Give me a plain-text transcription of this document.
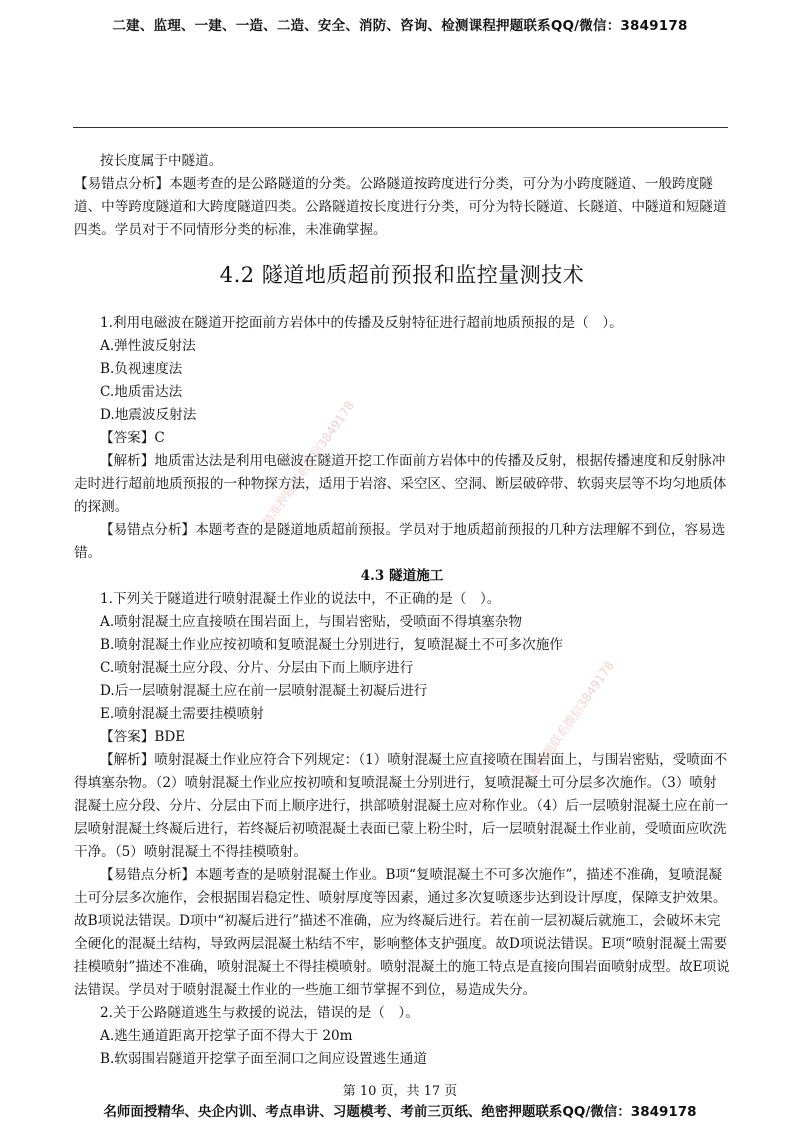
二建、监理、一建、一造、二造、安全、消防、咨询、检测课程押题联系QQ/微信：3849178
精准押题联系微信3849178
精准押题联系微信3849178

按长度属于中隧道。

【易错点分析】本题考查的是公路隧道的分类。公路隧道按跨度进行分类，可分为小跨度隧道、一般跨度隧道、中等跨度隧道和大跨度隧道四类。公路隧道按长度进行分类，可分为特长隧道、长隧道、中隧道和短隧道四类。学员对于不同情形分类的标准，未准确掌握。

4.2 隧道地质超前预报和监控量测技术

1.利用电磁波在隧道开挖面前方岩体中的传播及反射特征进行超前地质预报的是（　）。

A.弹性波反射法

B.负视速度法

C.地质雷达法

D.地震波反射法

【答案】C

【解析】地质雷达法是利用电磁波在隧道开挖工作面前方岩体中的传播及反射，根据传播速度和反射脉冲走时进行超前地质预报的一种物探方法，适用于岩溶、采空区、空洞、断层破碎带、软弱夹层等不均匀地质体的探测。

【易错点分析】本题考查的是隧道地质超前预报。学员对于地质超前预报的几种方法理解不到位，容易选错。

4.3 隧道施工

1.下列关于隧道进行喷射混凝土作业的说法中，不正确的是（　）。

A.喷射混凝土应直接喷在围岩面上，与围岩密贴，受喷面不得填塞杂物

B.喷射混凝土作业应按初喷和复喷混凝土分别进行，复喷混凝土不可多次施作

C.喷射混凝土应分段、分片、分层由下而上顺序进行

D.后一层喷射混凝土应在前一层喷射混凝土初凝后进行

E.喷射混凝土需要挂模喷射

【答案】BDE

【解析】喷射混凝土作业应符合下列规定：（1）喷射混凝土应直接喷在围岩面上，与围岩密贴，受喷面不得填塞杂物。（2）喷射混凝土作业应按初喷和复喷混凝土分别进行，复喷混凝土可分层多次施作。（3）喷射混凝土应分段、分片、分层由下而上顺序进行，拱部喷射混凝土应对称作业。（4）后一层喷射混凝土应在前一层喷射混凝土终凝后进行，若终凝后初喷混凝土表面已蒙上粉尘时，后一层喷射混凝土作业前，受喷面应吹洗干净。（5）喷射混凝土不得挂模喷射。

【易错点分析】本题考查的是喷射混凝土作业。B项“复喷混凝土不可多次施作”，描述不准确，复喷混凝土可分层多次施作，会根据围岩稳定性、喷射厚度等因素，通过多次复喷逐步达到设计厚度，保障支护效果。故B项说法错误。D项中“初凝后进行”描述不准确，应为终凝后进行。若在前一层初凝后就施工，会破坏未完全硬化的混凝土结构，导致两层混凝土粘结不牢，影响整体支护强度。故D项说法错误。E项“喷射混凝土需要挂模喷射”描述不准确，喷射混凝土不得挂模喷射。喷射混凝土的施工特点是直接向围岩面喷射成型。故E项说法错误。学员对于喷射混凝土作业的一些施工细节掌握不到位，易造成失分。

2.关于公路隧道逃生与救援的说法，错误的是（　）。

A.逃生通道距离开挖掌子面不得大于 20m

B.软弱围岩隧道开挖掌子面至洞口之间应设置逃生通道

第 10 页，共 17 页
名师面授精华、央企内训、考点串讲、习题模考、考前三页纸、绝密押题联系QQ/微信：3849178
